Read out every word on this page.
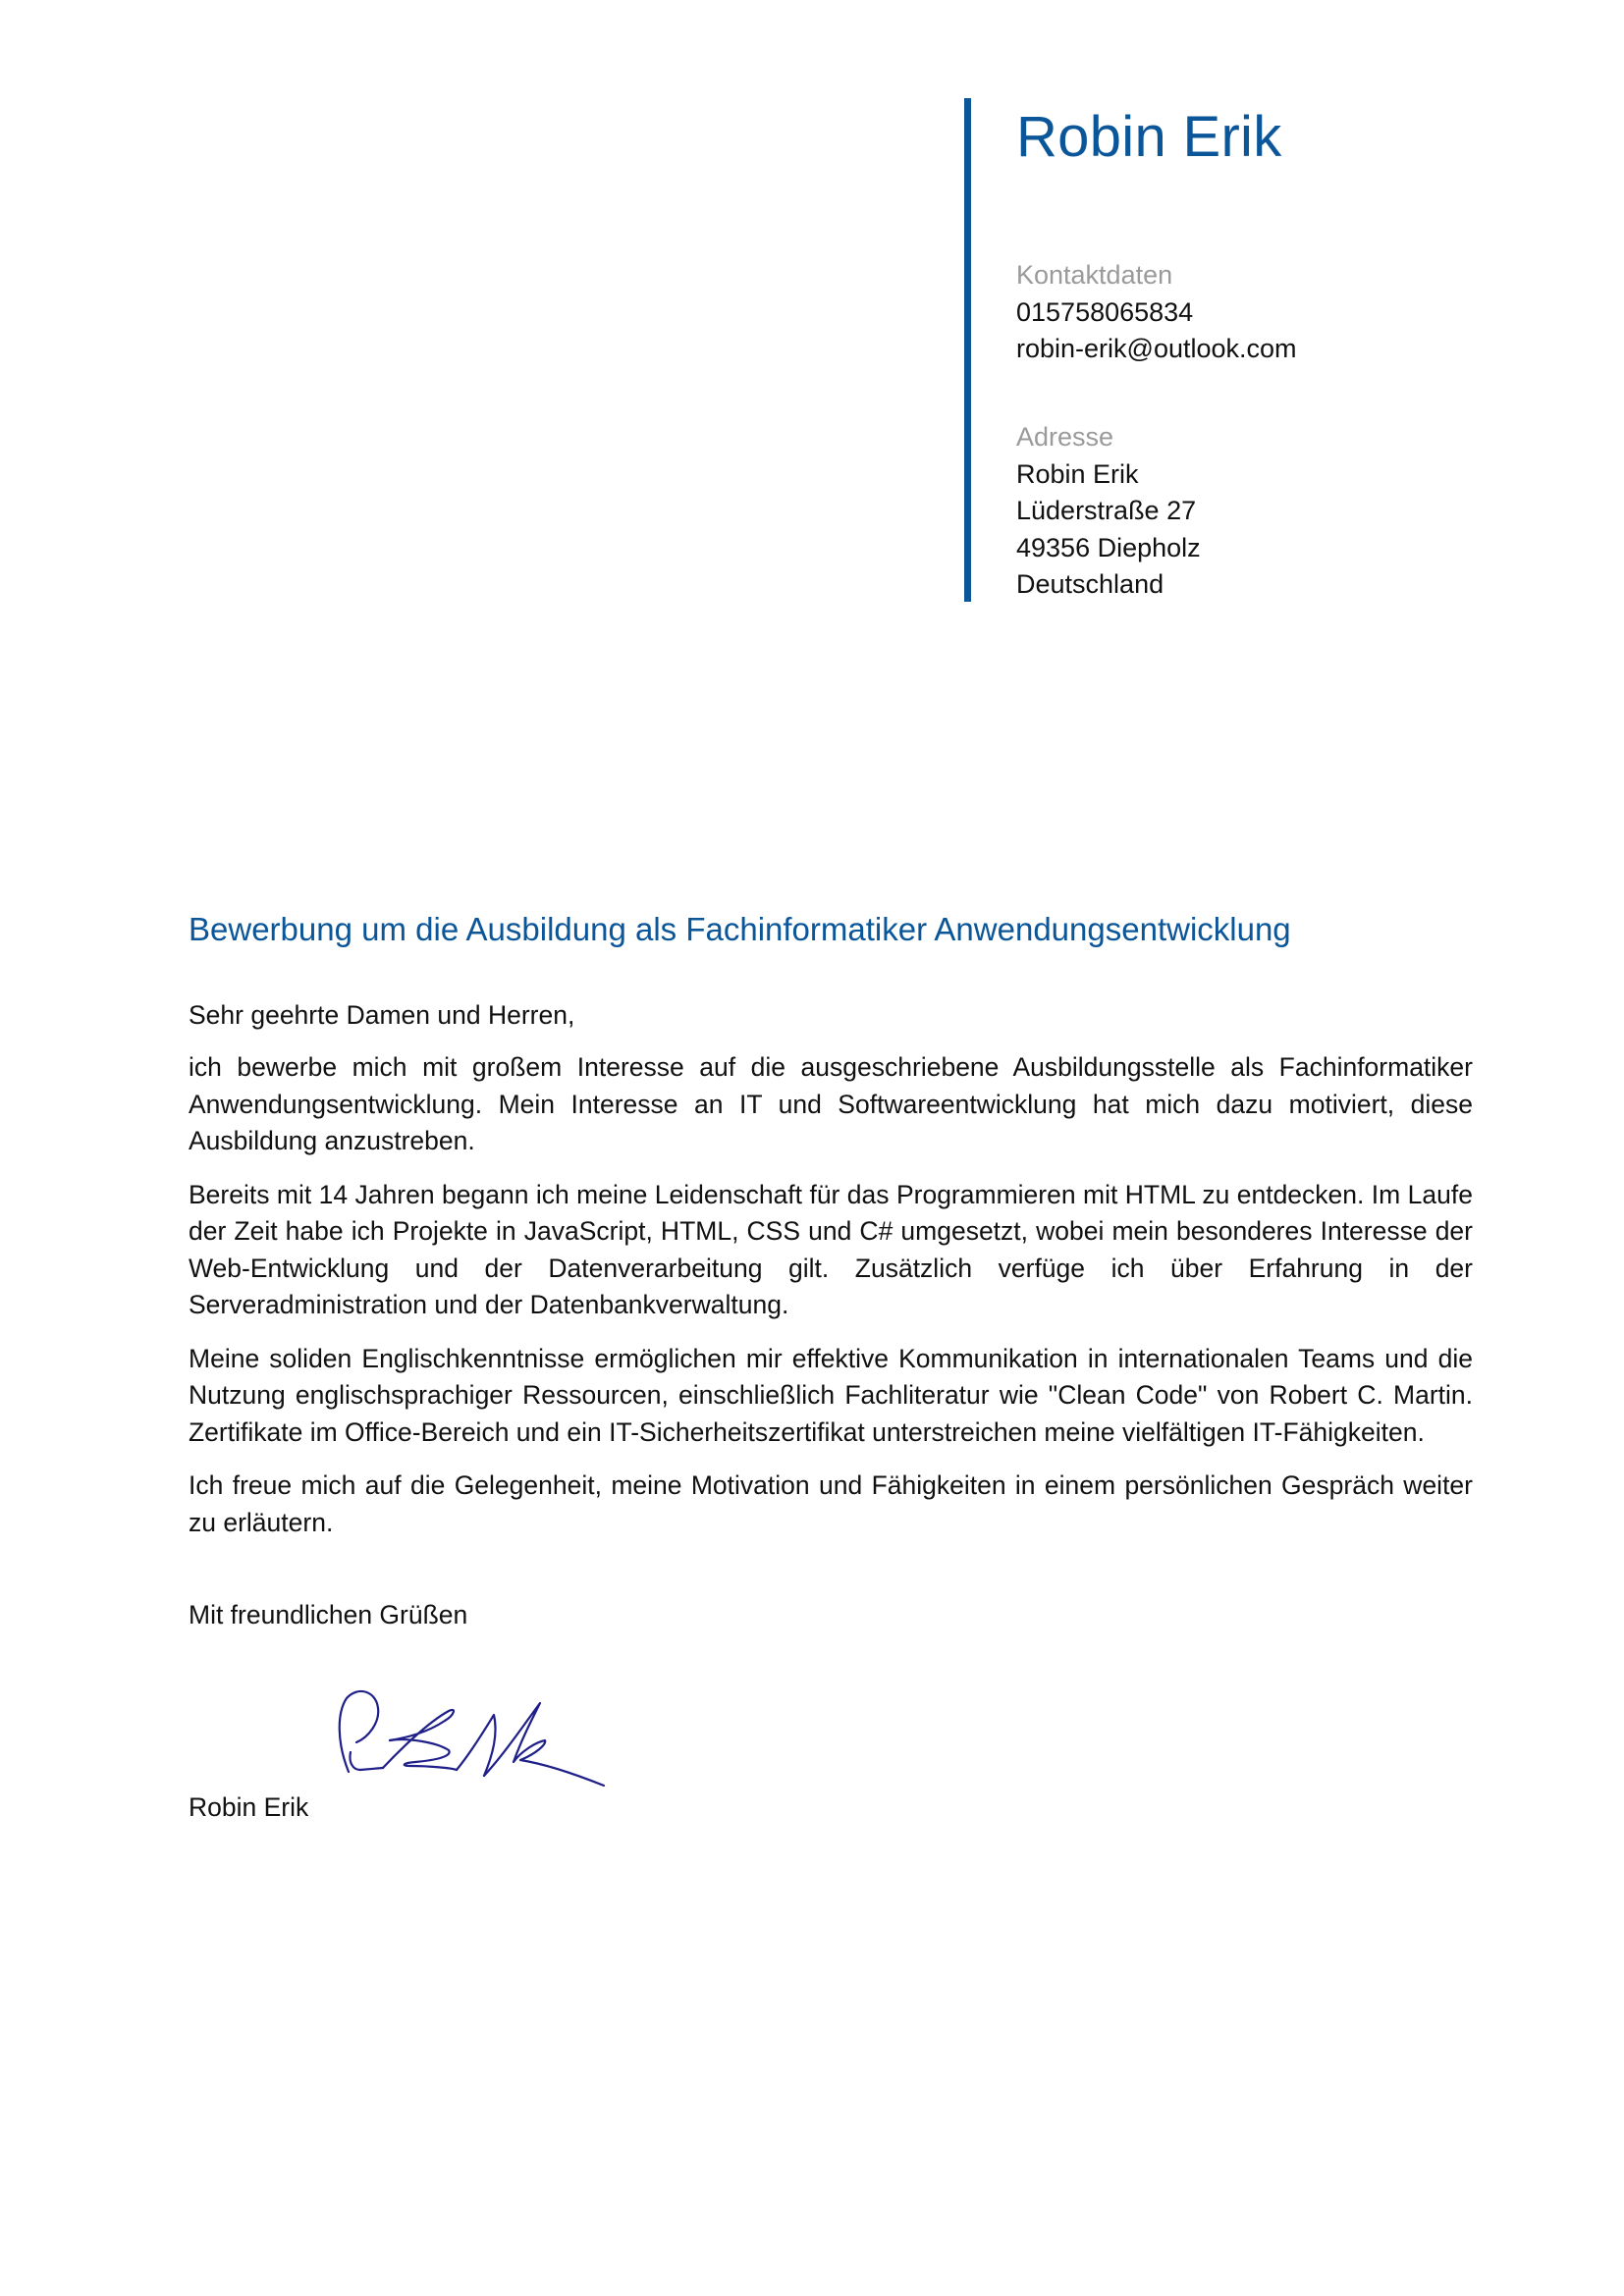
Robin Erik
Kontaktdaten
015758065834
robin-erik@outlook.com
Adresse
Robin Erik
Lüderstraße 27
49356 Diepholz
Deutschland
Bewerbung um die Ausbildung als Fachinformatiker Anwendungsentwicklung
Sehr geehrte Damen und Herren,

ich bewerbe mich mit großem Interesse auf die ausgeschriebene Ausbildungsstelle als Fachinformatiker Anwendungsentwicklung. Mein Interesse an IT und Softwareentwicklung hat mich dazu motiviert, diese Ausbildung anzustreben.

Bereits mit 14 Jahren begann ich meine Leidenschaft für das Programmieren mit HTML zu entdecken. Im Laufe der Zeit habe ich Projekte in JavaScript, HTML, CSS und C# umgesetzt, wobei mein besonderes Interesse der Web-Entwicklung und der Datenverarbeitung gilt. Zusätzlich verfüge ich über Erfahrung in der Serveradministration und der Datenbankverwaltung.

Meine soliden Englischkenntnisse ermöglichen mir effektive Kommunikation in internationalen Teams und die Nutzung englischsprachiger Ressourcen, einschließlich Fachliteratur wie "Clean Code" von Robert C. Martin. Zertifikate im Office-Bereich und ein IT-Sicherheitszertifikat unterstreichen meine vielfältigen IT-Fähigkeiten.

Ich freue mich auf die Gelegenheit, meine Motivation und Fähigkeiten in einem persönlichen Gespräch weiter zu erläutern.

Mit freundlichen Grüßen
Robin Erik
